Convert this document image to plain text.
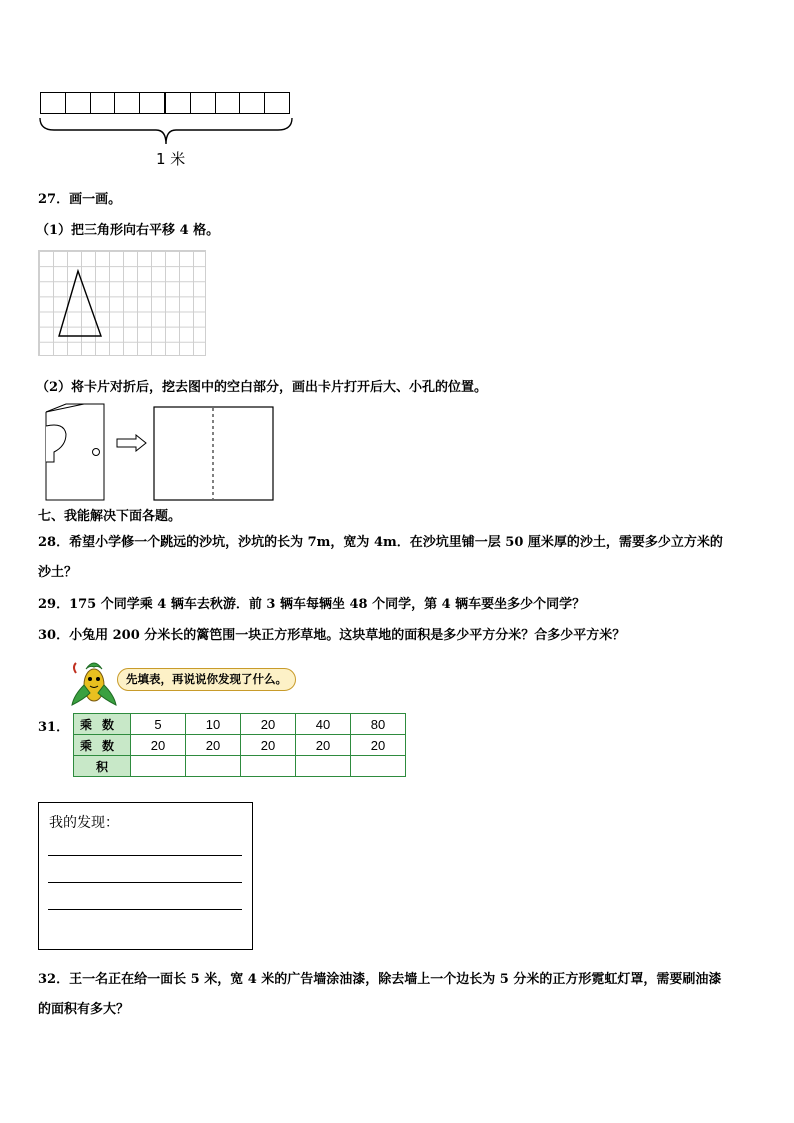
1 米
27．画一画。
（1）把三角形向右平移 4 格。
（2）将卡片对折后，挖去图中的空白部分，画出卡片打开后大、小孔的位置。
七、我能解决下面各题。
28．希望小学修一个跳远的沙坑，沙坑的长为 7m，宽为 4m．在沙坑里铺一层 50 厘米厚的沙土，需要多少立方米的
沙土？
29．175 个同学乘 4 辆车去秋游．前 3 辆车每辆坐 48 个同学，第 4 辆车要坐多少个同学？
30．小兔用 200 分米长的篱笆围一块正方形草地。这块草地的面积是多少平方分米？合多少平方米？
先填表，再说说你发现了什么。
31． 乘数	5	10	20	40	80
乘数	20	20	20	20	20
积					
我的发现：
32．王一名正在给一面长 5 米，宽 4 米的广告墙涂油漆，除去墙上一个边长为 5 分米的正方形霓虹灯罩，需要刷油漆
的面积有多大？
